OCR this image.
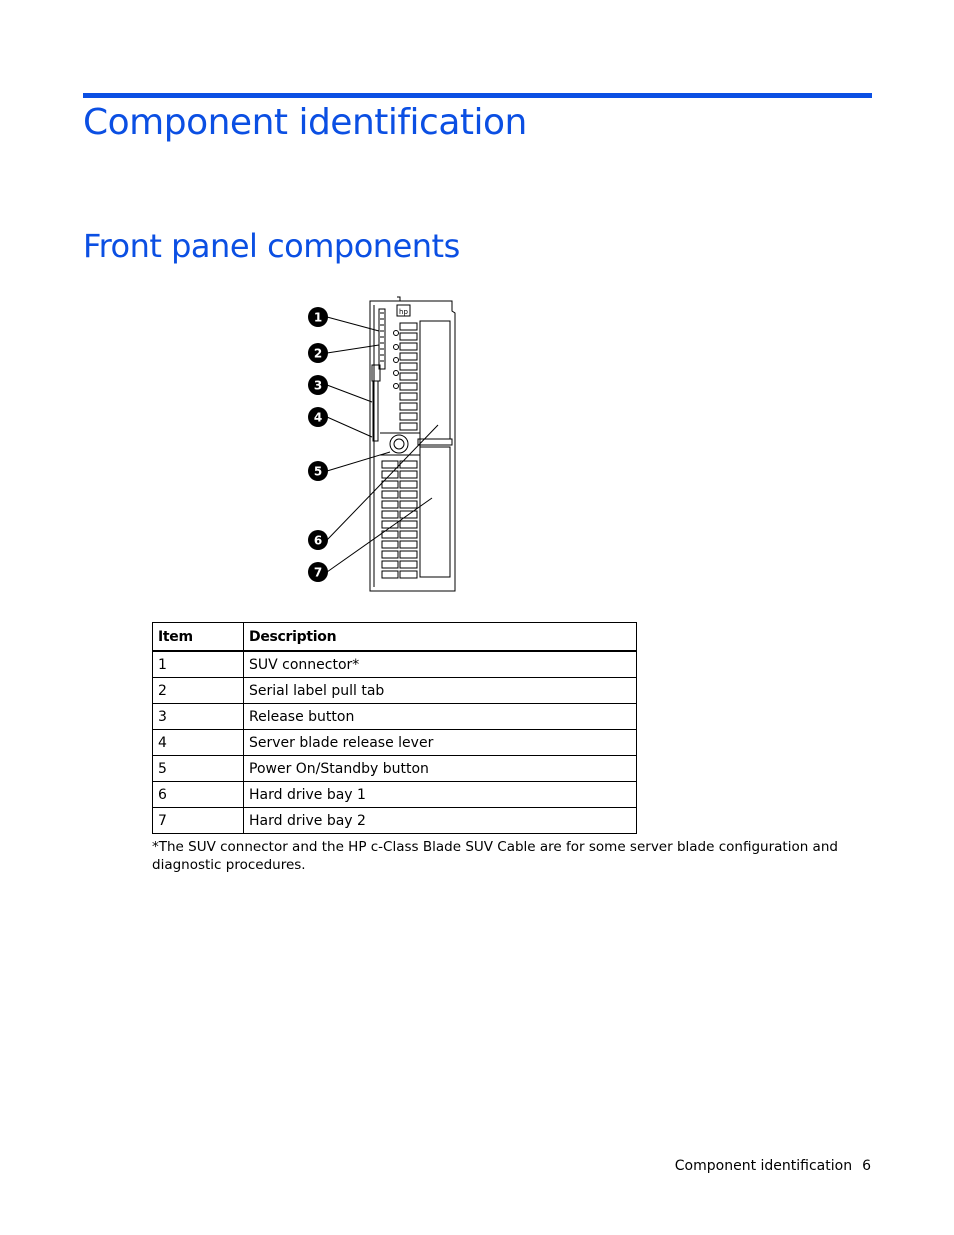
Component identification
Front panel components
hp
1
2
3
4
5
6
7
Item	Description
1	SUV connector*
2	Serial label pull tab
3	Release button
4	Server blade release lever
5	Power On/Standby button
6	Hard drive bay 1
7	Hard drive bay 2

*The SUV connector and the HP c-Class Blade SUV Cable are for some server blade configuration and diagnostic procedures.

Component identification 6
